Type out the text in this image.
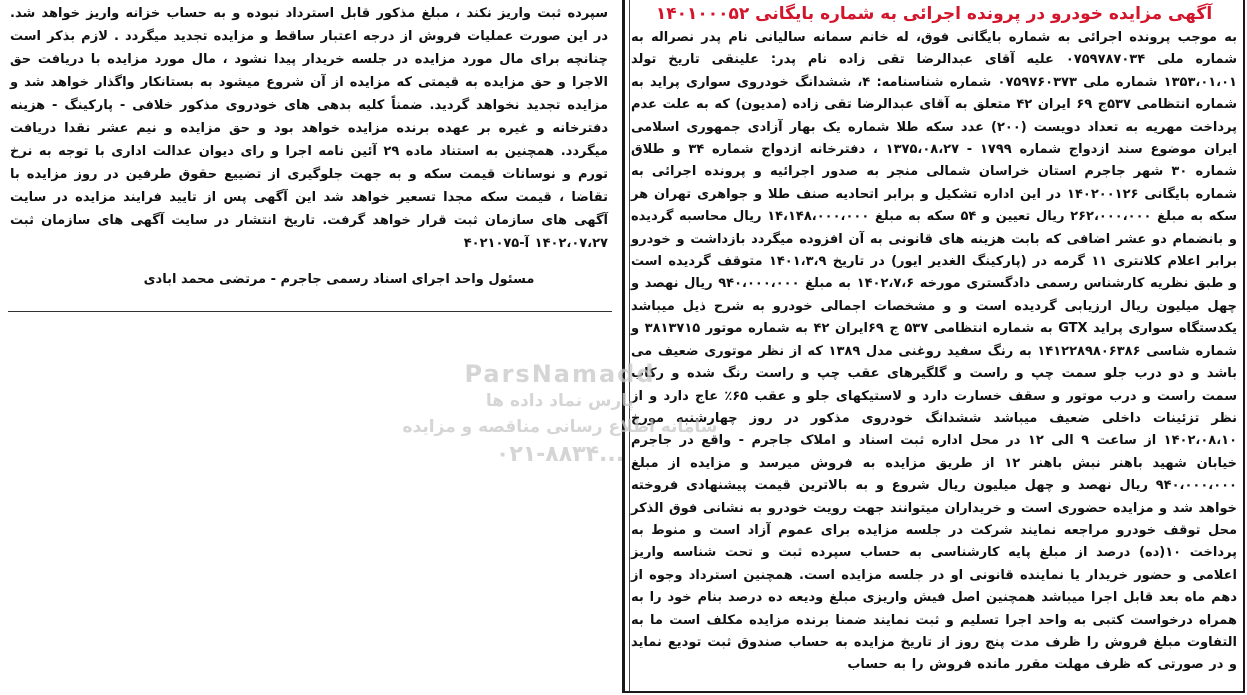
آگهی مزایده خودرو در پرونده اجرائی به شماره بایگانی ۱۴۰۱۰۰۰۵۲

به موجب پرونده اجرائی به شماره بایگانی فوق، له خانم سمانه سالیانی نام پدر نصراله به شماره ملی ۰۷۵۹۷۸۷۰۳۴ علیه آقای عبدالرضا تقی زاده نام پدر: علینقی تاریخ تولد ۱۳۵۳،۰۱،۰۱ شماره ملی ۰۷۵۹۷۶۰۳۷۳ شماره شناسنامه: ۴، ششدانگ خودروی سواری پراید به شماره انتظامی ۵۳۷ج ۶۹ ایران ۴۲ متعلق به آقای عبدالرضا تقی زاده (مدیون) که به علت عدم پرداخت مهریه به تعداد دویست (۲۰۰) عدد سکه طلا شماره یک بهار آزادی جمهوری اسلامی ایران موضوع سند ازدواج شماره ۱۷۹۹ - ۱۳۷۵،۰۸،۲۷ ، دفترخانه ازدواج شماره ۳۴ و طلاق شماره ۳۰ شهر جاجرم استان خراسان شمالی منجر به صدور اجرائیه و پرونده اجرائی به شماره بایگانی ۱۴۰۲۰۰۱۲۶ در این اداره تشکیل و برابر اتحادیه صنف طلا و جواهری تهران هر سکه به مبلغ ۲۶۲،۰۰۰،۰۰۰ ریال تعیین و ۵۴ سکه به مبلغ ۱۴،۱۴۸،۰۰۰،۰۰۰ ریال محاسبه گردیده و بانضمام دو عشر اضافی که بابت هزینه های قانونی به آن افزوده میگردد بازداشت و خودرو برابر اعلام کلانتری ۱۱ گرمه در (پارکینگ الغدیر ایور) در تاریخ ۱۴۰۱،۳،۹ متوقف گردیده است و طبق نظریه کارشناس رسمی دادگستری مورخه ۱۴۰۲،۷،۶ به مبلغ ۹۴۰،۰۰۰،۰۰۰ ریال نهصد و چهل میلیون ریال ارزیابی گردیده است و و مشخصات اجمالی خودرو به شرح ذیل میباشد یکدستگاه سواری پراید GTX به شماره انتظامی ۵۳۷ ج ۶۹ایران ۴۲ به شماره موتور ۳۸۱۳۷۱۵ و شماره شاسی ۱۴۱۲۲۸۹۸۰۶۳۸۶ به رنگ سفید روغنی مدل ۱۳۸۹ که از نظر موتوری ضعیف می باشد و دو درب جلو سمت چپ و راست و گلگیرهای عقب چپ و راست رنگ شده و رکاب سمت راست و درب موتور و سقف خسارت دارد و لاستیکهای جلو و عقب ۶۵٪ عاج دارد و از نظر تزئینات داخلی ضعیف میباشد ششدانگ خودروی مذکور در روز چهارشنبه مورخ ۱۴۰۲،۰۸،۱۰ از ساعت ۹ الی ۱۲ در محل اداره ثبت اسناد و املاک جاجرم - واقع در جاجرم خیابان شهید باهنر نبش باهنر ۱۲ از طریق مزایده به فروش میرسد و مزایده از مبلغ ۹۴۰،۰۰۰،۰۰۰ ریال نهصد و چهل میلیون ریال شروع و به بالاترین قیمت پیشنهادی فروخته خواهد شد و مزایده حضوری است و خریداران میتوانند جهت رویت خودرو به نشانی فوق الذکر محل توقف خودرو مراجعه نمایند شرکت در جلسه مزایده برای عموم آزاد است و منوط به پرداخت ۱۰(ده) درصد از مبلغ پایه کارشناسی به حساب سپرده ثبت و تحت شناسه واریز اعلامی و حضور خریدار یا نماینده قانونی او در جلسه مزایده است. همچنین استرداد وجوه از دهم ماه بعد قابل اجرا میباشد همچنین اصل فیش واریزی مبلغ ودیعه ده درصد بنام خود را به همراه درخواست کتبی به واحد اجرا تسلیم و ثبت نمایند ضمنا برنده مزایده مکلف است ما به التفاوت مبلغ فروش را ظرف مدت پنج روز از تاریخ مزایده به حساب صندوق ثبت تودیع نماید و در صورتی که ظرف مهلت مقرر مانده فروش را به حساب

سپرده ثبت واریز نکند ، مبلغ مذکور قابل استرداد نبوده و به حساب خزانه واریز خواهد شد. در این صورت عملیات فروش از درجه اعتبار ساقط و مزایده تجدید میگردد . لازم بذکر است چنانچه برای مال مورد مزایده در جلسه خریدار پیدا نشود ، مال مورد مزایده با دریافت حق الاجرا و حق مزایده به قیمتی که مزایده از آن شروع میشود به بستانکار واگذار خواهد شد و مزایده تجدید نخواهد گردید. ضمناً کلیه بدهی های خودروی مذکور خلافی - پارکینگ - هزینه دفترخانه و غیره بر عهده برنده مزایده خواهد بود و حق مزایده و نیم عشر نقدا دریافت میگردد. همچنین به استناد ماده ۲۹ آئین نامه اجرا و رای دیوان عدالت اداری با توجه به نرخ تورم و نوسانات قیمت سکه و به جهت جلوگیری از تضییع حقوق طرفین در روز مزایده با تقاضا ، قیمت سکه مجدا تسعیر خواهد شد این آگهی پس از تایید فرایند مزایده در سایت آگهی های سازمان ثبت قرار خواهد گرفت. تاریخ انتشار در سایت آگهی های سازمان ثبت ۱۴۰۲،۰۷،۲۷ آ-۴۰۲۱۰۷۵

مسئول واحد اجرای اسناد رسمی جاجرم - مرتضی محمد ابادی
ParsNamadd
پارس نماد داده ها
سامانه اطلاع رسانی مناقصه و مزایده
۰۲۱-۸۸۳۴...
